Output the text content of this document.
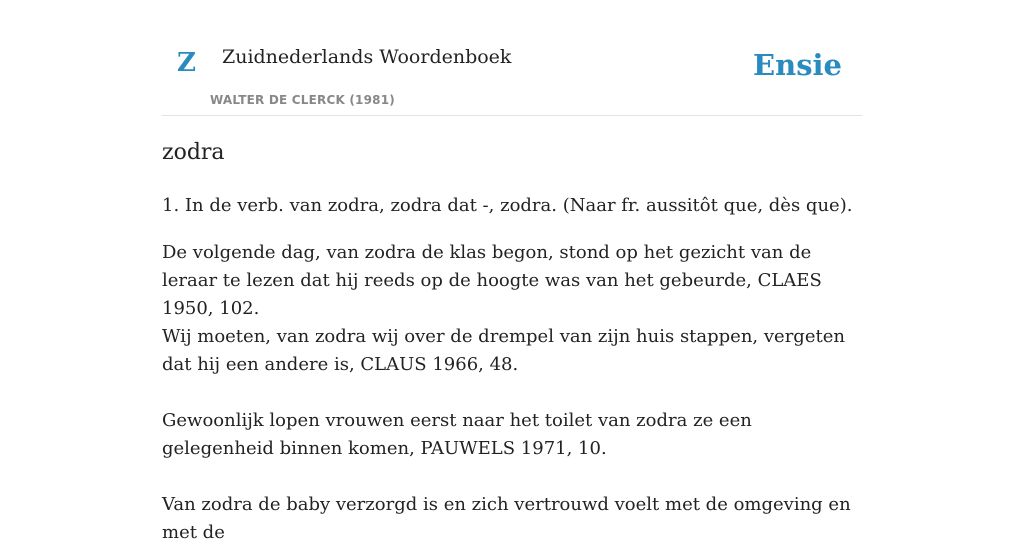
Z Zuidnederlands Woordenboek
WALTER DE CLERCK (1981)
Ensie
zodra

1. In de verb. van zodra, zodra dat -, zodra. (Naar fr. aussitôt que, dès que).

De volgende dag, van zodra de klas begon, stond op het gezicht van de leraar te lezen dat hij reeds op de hoogte was van het gebeurde, CLAES 1950, 102.

Wij moeten, van zodra wij over de drempel van zijn huis stappen, vergeten dat hij een andere is, CLAUS 1966, 48.

Gewoonlijk lopen vrouwen eerst naar het toilet van zodra ze een gelegenheid binnen komen, PAUWELS 1971, 10.

Van zodra de baby verzorgd is en zich vertrouwd voelt met de omgeving en met de
